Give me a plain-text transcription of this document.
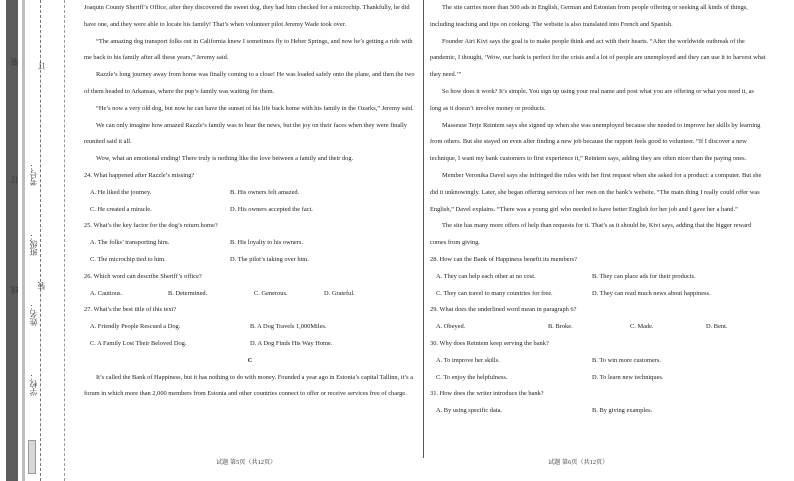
装
订
线
订
装
考号：
班级：
姓名：
学校：

Joaquin County Sheriff’s Office, after they discovered the sweet dog, they had him checked for a microchip. Thankfully, he did have one, and they were able to locate his family! That’s when volunteer pilot Jeremy Wade took over.

“The amazing dog transport folks out in California knew I sometimes fly to Heber Springs, and now he’s getting a ride with me back to his family after all these years,” Jeremy said.

Razzle’s long journey away from home was finally coming to a close! He was loaded safely onto the plane, and then the two of them headed to Arkansas, where the pup’s family was waiting for them.

“He’s now a very old dog, but now he can have the sunset of his life back home with his family in the Ozarks,” Jeremy said.

We can only imagine how amazed Razzle’s family was to hear the news, but the joy on their faces when they were finally reunited said it all.

Wow, what an emotional ending! There truly is nothing like the love between a family and their dog.

24. What happened after Razzle’s missing?

A. He liked the journey.	B. His owners felt amazed.
C. He created a miracle.	D. His owners accepted the fact.

25. What’s the key factor for the dog’s return home?

A. The folks’ transporting him.	B. His loyalty to his owners.
C. The microchip tied to him.	D. The pilot’s taking over him.

26. Which word can describe Sheriff’s office?

A. Cautious.	B. Determined.	C. Generous.	D. Grateful.

27. What’s the best title of this text?

A. Friendly People Rescued a Dog.	B. A Dog Travels 1,000Miles.
C. A Family Lost Their Beloved Dog.	D. A Dog Finds His Way Home.

C

It’s called the Bank of Happiness, but it has nothing to do with money. Founded a year ago in Estonia’s capital Tallinn, it’s a forum in which more than 2,000 members from Estonia and other countries connect to offer or receive services free of charge.

The site carries more than 500 ads in English, German and Estonian from people offering or seeking all kinds of things, including teaching and tips on cooking. The website is also translated into French and Spanish.

Founder Airi Kivi says the goal is to make people think and act with their hearts. “After the worldwide outbreak of the pandemic, I thought, ‘Wow, our bank is perfect for the crisis and a lot of people are unemployed and they can use it to harvest what they need.’”

So how does it work? It’s simple. You sign up using your real name and post what you are offering or what you need it, as long as it doesn’t involve money or products.

Masseuse Terje Reintem says she signed up when she was unemployed because she needed to improve her skills by learning from others. But she stayed on even after finding a new job because the rapport feels good to volunteer. “If I discover a new technique, I want my bank customers to first experience it,” Reintem says, adding they are often nicer than the paying ones.

Member Veronika Davel says she infringed the rules with her first request when she asked for a product: a computer. But she did it unknowingly. Later, she began offering services of her own on the bank’s website. “The main thing I really could offer was English,” Davel explains. “There was a young girl who needed to have better English for her job and I gave her a hand.”

The site has many more offers of help than requests for it. That’s as it should be, Kivi says, adding that the bigger reward comes from giving.

28. How can the Bank of Happiness benefit its members?

A. They can help each other at no cost.	B. They can place ads for their products.
C. They can travel to many countries for free.	D. They can read much news about happiness.

29. What does the underlined word mean in paragraph 6?

A. Obeyed.	B. Broke.	C. Made.	D. Bent.

30. Why does Reintem keep serving the bank?

A. To improve her skills.	B. To win more customers.
C. To enjoy the helpfulness.	D. To learn new techniques.

31. How does the writer introduce the bank?

A. By using specific data.	B. By giving examples.
试题 第5页（共12页）	试题 第6页（共12页）
